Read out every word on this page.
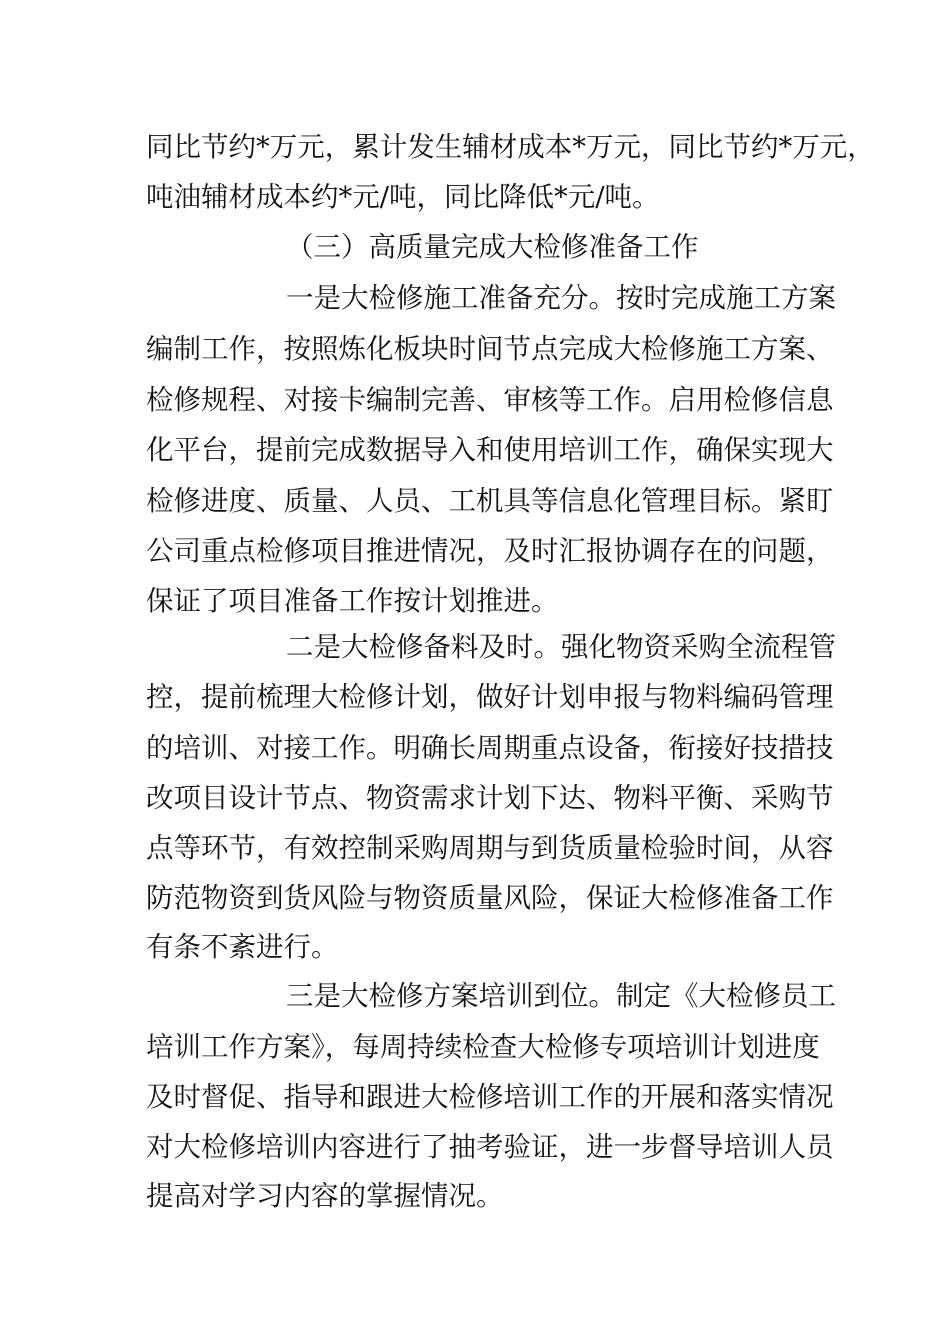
同比节约*万元，累计发生辅材成本*万元，同比节约*万元，
吨油辅材成本约*元/吨，同比降低*元/吨。
（三）高质量完成大检修准备工作
一是大检修施工准备充分。按时完成施工方案
编制工作，按照炼化板块时间节点完成大检修施工方案、
检修规程、对接卡编制完善、审核等工作。启用检修信息
化平台，提前完成数据导入和使用培训工作，确保实现大
检修进度、质量、人员、工机具等信息化管理目标。紧盯
公司重点检修项目推进情况，及时汇报协调存在的问题，
保证了项目准备工作按计划推进。
二是大检修备料及时。强化物资采购全流程管
控，提前梳理大检修计划，做好计划申报与物料编码管理
的培训、对接工作。明确长周期重点设备，衔接好技措技
改项目设计节点、物资需求计划下达、物料平衡、采购节
点等环节，有效控制采购周期与到货质量检验时间，从容
防范物资到货风险与物资质量风险，保证大检修准备工作
有条不紊进行。
三是大检修方案培训到位。制定《大检修员工
培训工作方案》，每周持续检查大检修专项培训计划进度
及时督促、指导和跟进大检修培训工作的开展和落实情况
对大检修培训内容进行了抽考验证，进一步督导培训人员
提高对学习内容的掌握情况。
